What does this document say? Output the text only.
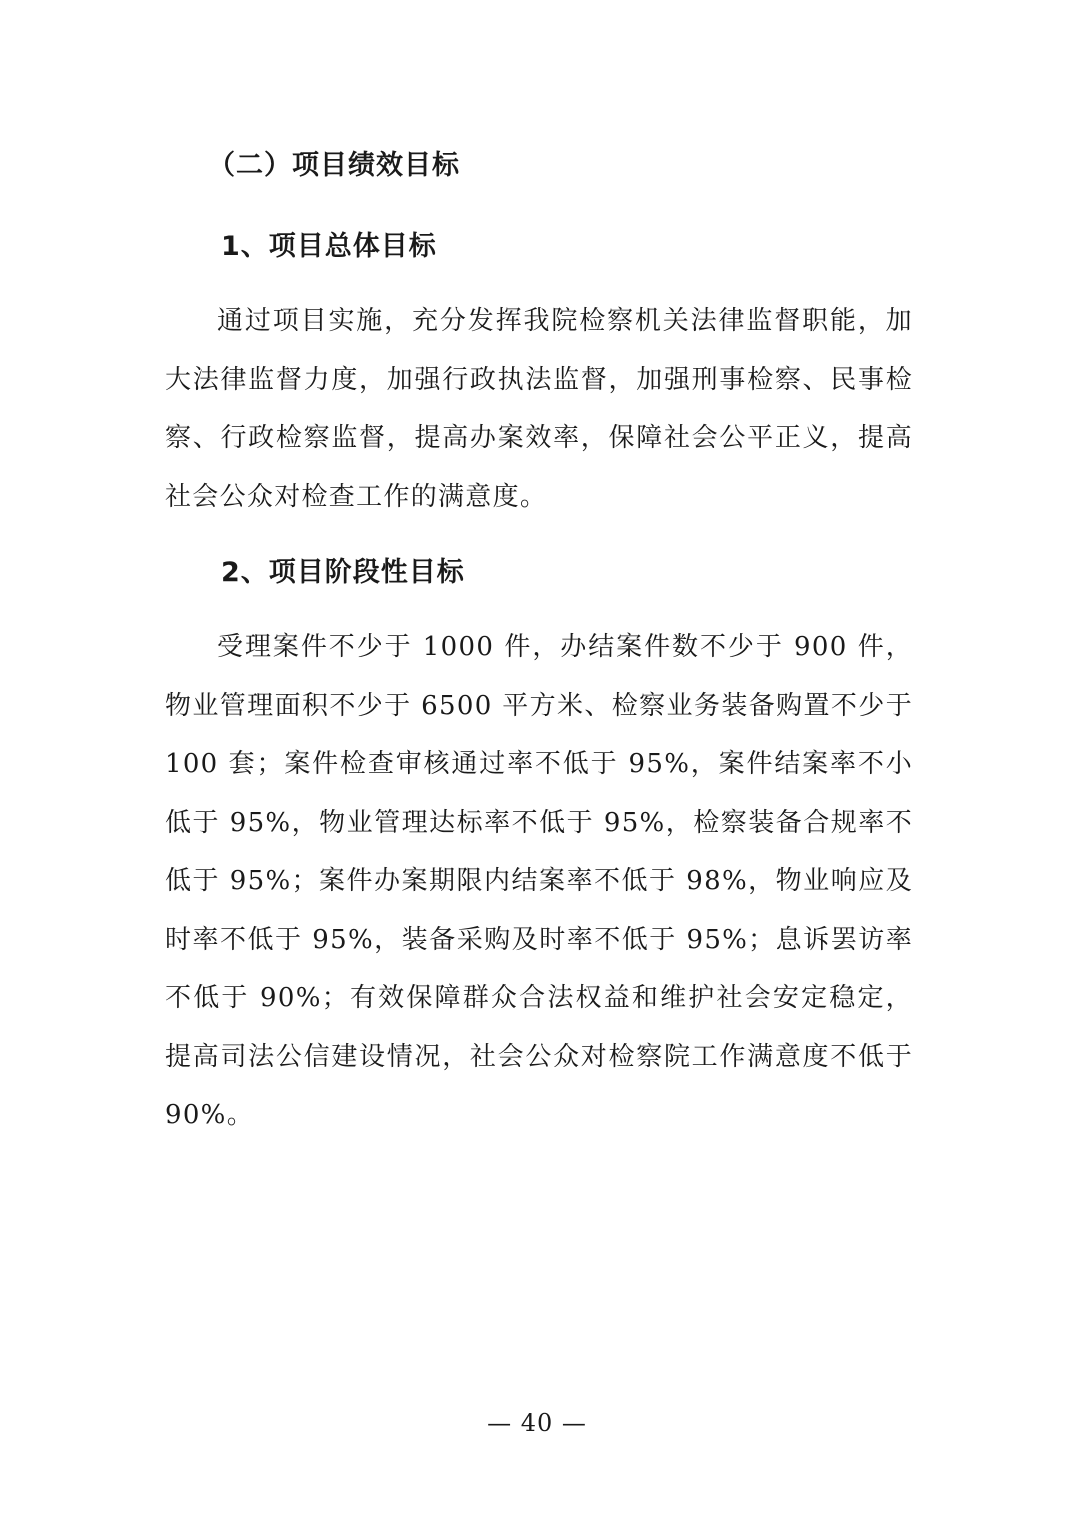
（二）项目绩效目标
1、项目总体目标
通过项目实施，充分发挥我院检察机关法律监督职能，加大法律监督力度，加强行政执法监督，加强刑事检察、民事检察、行政检察监督，提高办案效率，保障社会公平正义，提高社会公众对检查工作的满意度。
2、项目阶段性目标
受理案件不少于 1000 件，办结案件数不少于 900 件，物业管理面积不少于 6500 平方米、检察业务装备购置不少于 100 套；案件检查审核通过率不低于 95%，案件结案率不小低于 95%，物业管理达标率不低于 95%，检察装备合规率不低于 95%；案件办案期限内结案率不低于 98%，物业响应及时率不低于 95%，装备采购及时率不低于 95%；息诉罢访率不低于 90%；有效保障群众合法权益和维护社会安定稳定，提高司法公信建设情况，社会公众对检察院工作满意度不低于 90%。
— 40 —
